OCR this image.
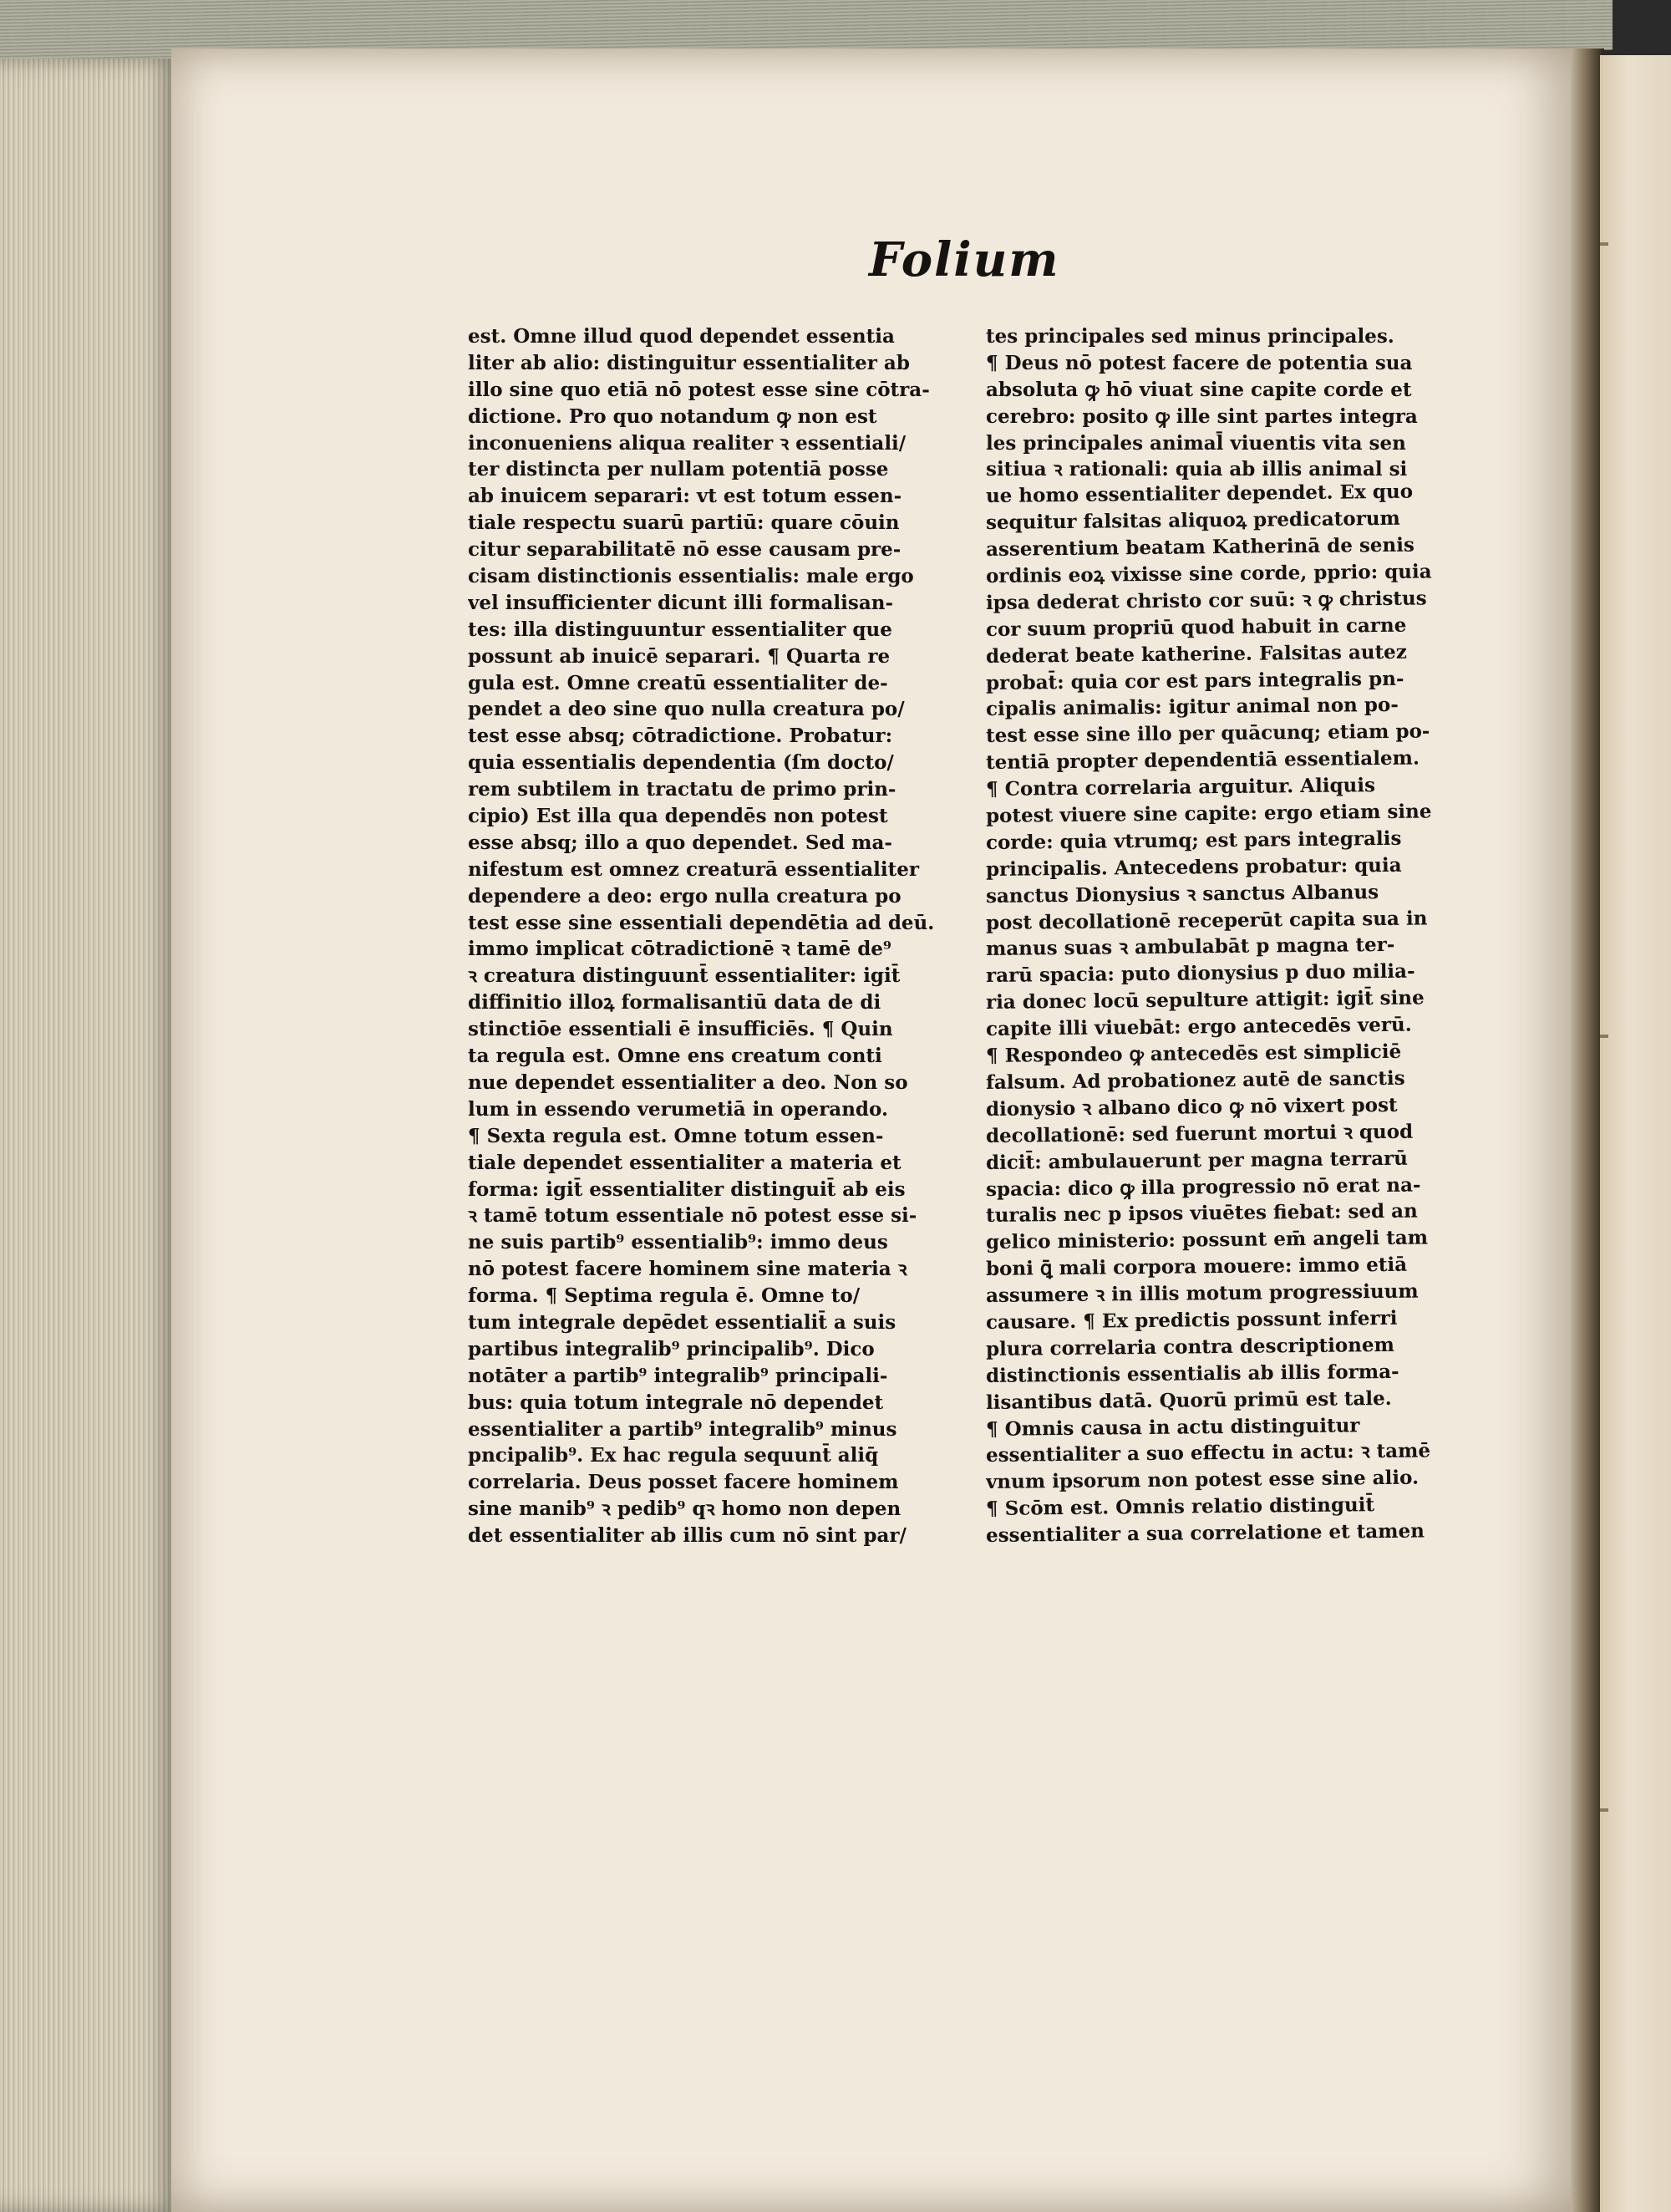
Folium
est. Omne illud quod dependet essentia
liter ab alio: distinguitur essentialiter ab
illo sine quo etiā nō potest esse sine cōtra-
dictione. Pro quo notandum ꝙ non est
inconueniens aliqua realiter ꝛ essentiali/
ter distincta per nullam potentiā posse
ab inuicem separari: vt est totum essen-
tiale respectu suarū partiū: quare cōuin
citur separabilitatē nō esse causam pre-
cisam distinctionis essentialis: male ergo
vel insufficienter dicunt illi formalisan-
tes: illa distinguuntur essentialiter que
possunt ab inuicē separari. ¶ Quarta re
gula est. Omne creatū essentialiter de-
pendet a deo sine quo nulla creatura po/
test esse absq; cōtradictione. Probatur:
quia essentialis dependentia (ſm docto/
rem subtilem in tractatu de primo prin-
cipio) Est illa qua dependēs non potest
esse absq; illo a quo dependet. Sed ma-
nifestum est omnez creaturā essentialiter
dependere a deo: ergo nulla creatura po
test esse sine essentiali dependētia ad deū.
immo implicat cōtradictionē ꝛ tamē de⁹
ꝛ creatura distinguunt̄ essentialiter: igit̄
diffinitio illoꝝ formalisantiū data de di
stinctiōe essentiali ē insufficiēs. ¶ Quin
ta regula est. Omne ens creatum conti
nue dependet essentialiter a deo. Non so
lum in essendo verumetiā in operando.
¶ Sexta regula est. Omne totum essen-
tiale dependet essentialiter a materia et
forma: igit̄ essentialiter distinguit̄ ab eis
ꝛ tamē totum essentiale nō potest esse si-
ne suis partib⁹ essentialib⁹: immo deus
nō potest facere hominem sine materia ꝛ
forma. ¶ Septima regula ē. Omne to/
tum integrale depēdet essentialit̄ a suis
partibus integralib⁹ principalib⁹. Dico
notāter a partib⁹ integralib⁹ principali-
bus: quia totum integrale nō dependet
essentialiter a partib⁹ integralib⁹ minus
pncipalib⁹. Ex hac regula sequunt̄ aliq̄
correlaria. Deus posset facere hominem
sine manib⁹ ꝛ pedib⁹ qꝛ homo non depen
det essentialiter ab illis cum nō sint par/
tes principales sed minus principales.
¶ Deus nō potest facere de potentia sua
absoluta ꝙ hō viuat sine capite corde et
cerebro: posito ꝙ ille sint partes integra
les principales animal̄ viuentis vita sen
sitiua ꝛ rationali: quia ab illis animal si
ue homo essentialiter dependet. Ex quo
sequitur falsitas aliquoꝝ predicatorum
asserentium beatam Katherinā de senis
ordinis eoꝝ vixisse sine corde, pprio: quia
ipsa dederat christo cor suū: ꝛ ꝙ christus
cor suum propriū quod habuit in carne
dederat beate katherine. Falsitas autez
probat̄: quia cor est pars integralis pn-
cipalis animalis: igitur animal non po-
test esse sine illo per quācunq; etiam po-
tentiā propter dependentiā essentialem.
¶ Contra correlaria arguitur. Aliquis
potest viuere sine capite: ergo etiam sine
corde: quia vtrumq; est pars integralis
principalis. Antecedens probatur: quia
sanctus Dionysius ꝛ sanctus Albanus
post decollationē receperūt capita sua in
manus suas ꝛ ambulabāt p magna ter-
rarū spacia: puto dionysius p duo milia-
ria donec locū sepulture attigit: igit̄ sine
capite illi viuebāt: ergo antecedēs verū.
¶ Respondeo ꝙ antecedēs est simpliciē
falsum. Ad probationez autē de sanctis
dionysio ꝛ albano dico ꝙ nō vixert post
decollationē: sed fuerunt mortui ꝛ quod
dicit̄: ambulauerunt per magna terrarū
spacia: dico ꝙ illa progressio nō erat na-
turalis nec p ipsos viuētes fiebat: sed an
gelico ministerio: possunt em̄ angeli tam
boni ꝗ̄ mali corpora mouere: immo etiā
assumere ꝛ in illis motum progressiuum
causare. ¶ Ex predictis possunt inferri
plura correlaria contra descriptionem
distinctionis essentialis ab illis forma-
lisantibus datā. Quorū primū est tale.
¶ Omnis causa in actu distinguitur
essentialiter a suo effectu in actu: ꝛ tamē
vnum ipsorum non potest esse sine alio.
¶ Scōm est. Omnis relatio distinguit̄
essentialiter a sua correlatione et tamen
